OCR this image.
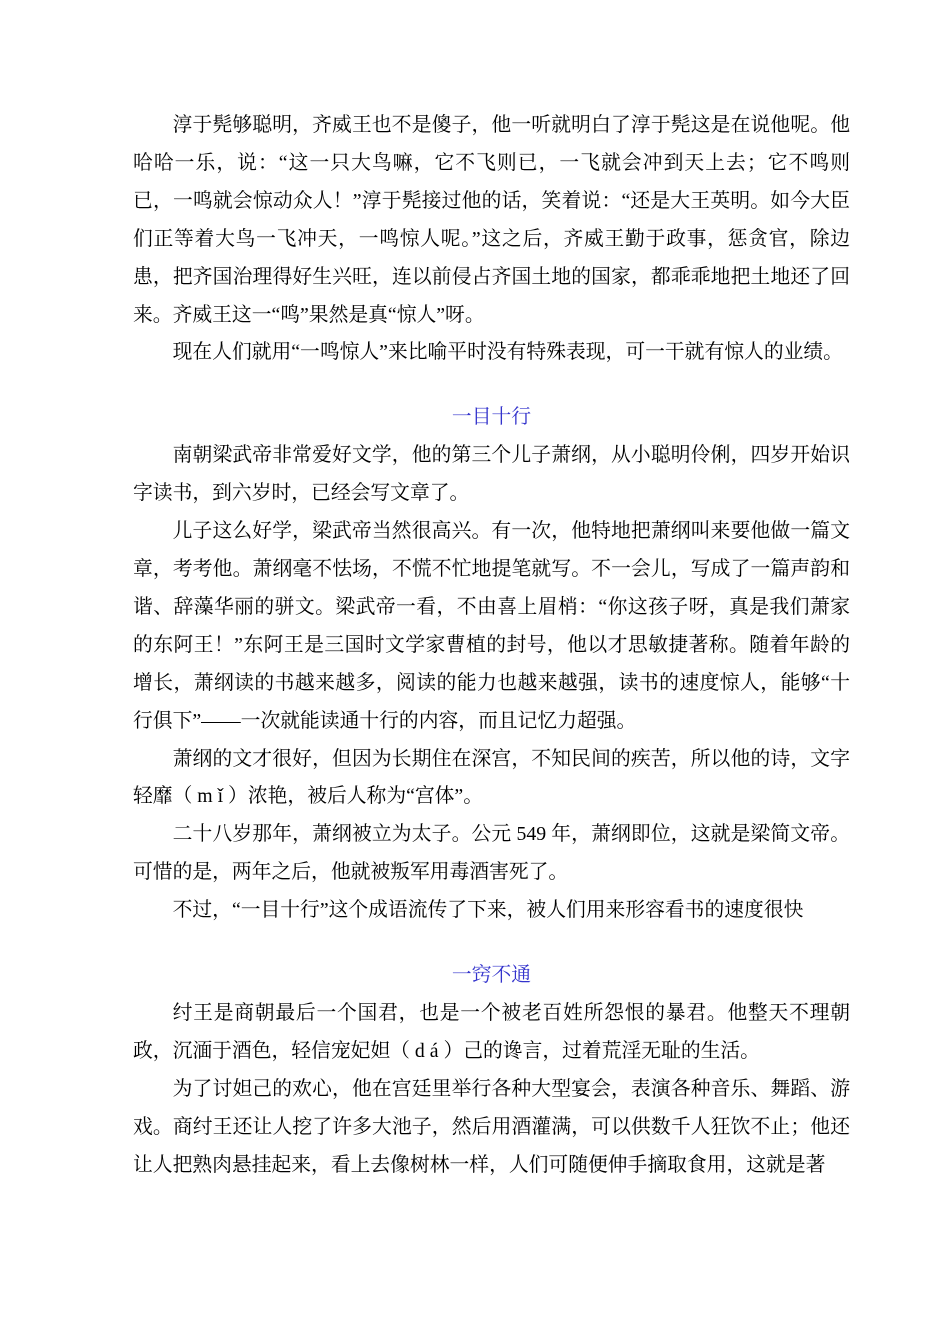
淳于髡够聪明，齐威王也不是傻子，他一听就明白了淳于髡这是在说他呢。他哈哈一乐，说：“这一只大鸟嘛，它不飞则已，一飞就会冲到天上去；它不鸣则已，一鸣就会惊动众人！”淳于髡接过他的话，笑着说：“还是大王英明。如今大臣们正等着大鸟一飞冲天，一鸣惊人呢。”这之后，齐威王勤于政事，惩贪官，除边患，把齐国治理得好生兴旺，连以前侵占齐国土地的国家，都乖乖地把土地还了回来。齐威王这一“鸣”果然是真“惊人”呀。

现在人们就用“一鸣惊人”来比喻平时没有特殊表现，可一干就有惊人的业绩。

一目十行

南朝梁武帝非常爱好文学，他的第三个儿子萧纲，从小聪明伶俐，四岁开始识字读书，到六岁时，已经会写文章了。

儿子这么好学，梁武帝当然很高兴。有一次，他特地把萧纲叫来要他做一篇文章，考考他。萧纲毫不怯场，不慌不忙地提笔就写。不一会儿，写成了一篇声韵和谐、辞藻华丽的骈文。梁武帝一看，不由喜上眉梢：“你这孩子呀，真是我们萧家的东阿王！”东阿王是三国时文学家曹植的封号，他以才思敏捷著称。随着年龄的增长，萧纲读的书越来越多，阅读的能力也越来越强，读书的速度惊人，能够“十行俱下”——一次就能读通十行的内容，而且记忆力超强。

萧纲的文才很好，但因为长期住在深宫，不知民间的疾苦，所以他的诗，文字轻靡（ m ǐ ）浓艳，被后人称为“宫体”。

二十八岁那年，萧纲被立为太子。公元 549 年，萧纲即位，这就是梁简文帝。可惜的是，两年之后，他就被叛军用毒酒害死了。

不过，“一目十行”这个成语流传了下来，被人们用来形容看书的速度很快

一窍不通

纣王是商朝最后一个国君，也是一个被老百姓所怨恨的暴君。他整天不理朝政，沉湎于酒色，轻信宠妃妲（ d á ）己的谗言，过着荒淫无耻的生活。

为了讨妲己的欢心，他在宫廷里举行各种大型宴会，表演各种音乐、舞蹈、游戏。商纣王还让人挖了许多大池子，然后用酒灌满，可以供数千人狂饮不止；他还让人把熟肉悬挂起来，看上去像树林一样，人们可随便伸手摘取食用，这就是著
